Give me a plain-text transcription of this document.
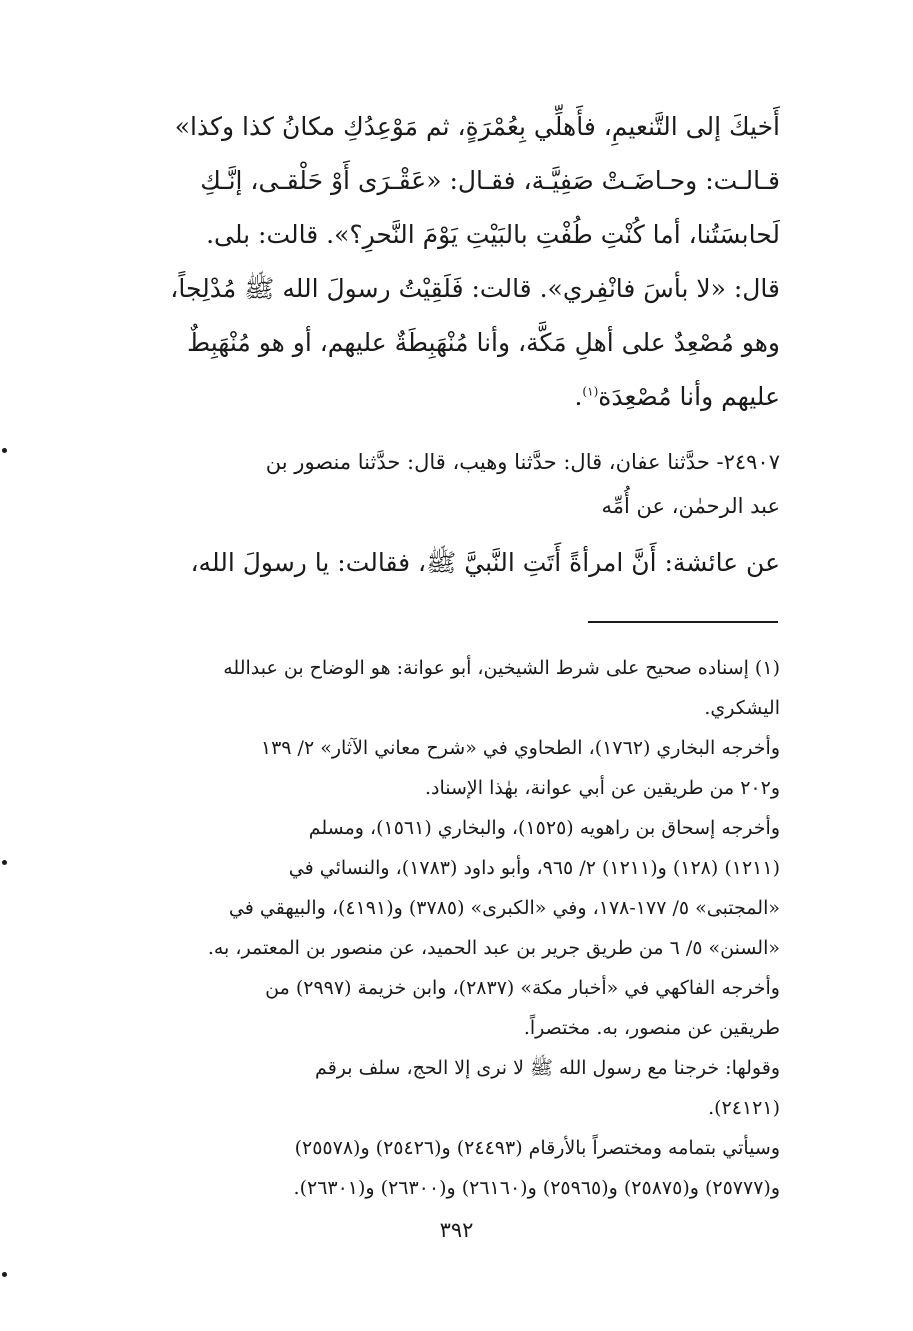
أَخيكَ إلى التَّنعيمِ، فأَهلِّي بِعُمْرَةٍ، ثم مَوْعِدُكِ مكانُ كذا وكذا»
قـالـت: وحـاضَـتْ صَفِيَّـة، فقـال: «عَقْـرَى أَوْ حَلْقـى، إنَّـكِ
لَحابسَتُنا، أما كُنْتِ طُفْتِ بالبَيْتِ يَوْمَ النَّحرِ؟». قالت: بلى.
قال: «لا بأسَ فانْفِري». قالت: فَلَقِيْتُ رسولَ الله ﷺ مُدْلِجاً،
وهو مُصْعِدٌ على أهلِ مَكَّة، وأنا مُنْهَبِطَةٌ عليهم، أو هو مُنْهَبِطٌ
عليهم وأنا مُصْعِدَة$^{(١)}$.
٢٤٩٠٧- حدَّثنا عفان، قال: حدَّثنا وهيب، قال: حدَّثنا منصور بن
عبد الرحمٰن، عن أُمِّه
عن عائشة: أَنَّ امرأةً أَتَتِ النَّبيَّ ﷺ، فقالت: يا رسولَ الله،
(١) إسناده صحيح على شرط الشيخين، أبو عوانة: هو الوضاح بن عبدالله
اليشكري.
وأخرجه البخاري (١٧٦٢)، الطحاوي في «شرح معاني الآثار» ٢/ ١٣٩
و٢٠٢ من طريقين عن أبي عوانة، بهٰذا الإسناد.
وأخرجه إسحاق بن راهويه (١٥٢٥)، والبخاري (١٥٦١)، ومسلم
(١٢١١) (١٢٨) و(١٢١١) ٢/ ٩٦٥، وأبو داود (١٧٨٣)، والنسائي في
«المجتبى» ٥/ ١٧٧-١٧٨، وفي «الكبرى» (٣٧٨٥) و(٤١٩١)، والبيهقي في
«السنن» ٥/ ٦ من طريق جرير بن عبد الحميد، عن منصور بن المعتمر، به.
وأخرجه الفاكهي في «أخبار مكة» (٢٨٣٧)، وابن خزيمة (٢٩٩٧) من
طريقين عن منصور، به. مختصراً.
وقولها: خرجنا مع رسول الله ﷺ لا نرى إلا الحج، سلف برقم
(٢٤١٢١).
وسيأتي بتمامه ومختصراً بالأرقام (٢٤٤٩٣) و(٢٥٤٢٦) و(٢٥٥٧٨)
و(٢٥٧٧٧) و(٢٥٨٧٥) و(٢٥٩٦٥) و(٢٦١٦٠) و(٢٦٣٠٠) و(٢٦٣٠١).
٣٩٢
